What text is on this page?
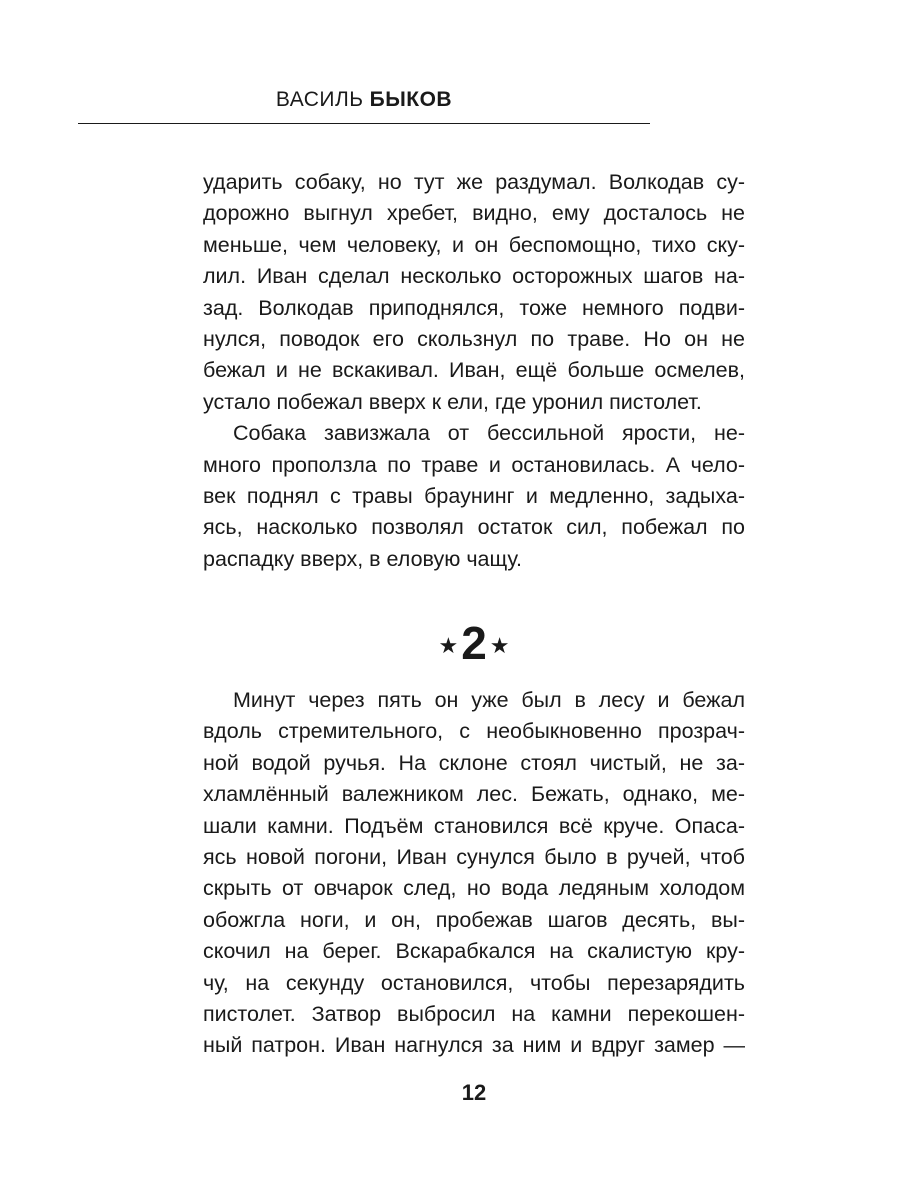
ВАСИЛЬ БЫКОВ
ударить собаку, но тут же раздумал. Волкодав су-
дорожно выгнул хребет, видно, ему досталось не
меньше, чем человеку, и он беспомощно, тихо ску-
лил. Иван сделал несколько осторожных шагов на-
зад. Волкодав приподнялся, тоже немного подви-
нулся, поводок его скользнул по траве. Но он не
бежал и не вскакивал. Иван, ещё больше осмелев,
устало побежал вверх к ели, где уронил пистолет.
Собака завизжала от бессильной ярости, не-
много проползла по траве и остановилась. А чело-
век поднял с травы браунинг и медленно, задыха-
ясь, насколько позволял остаток сил, побежал по
распадку вверх, в еловую чащу.
★2 ★
Минут через пять он уже был в лесу и бежал
вдоль стремительного, с необыкновенно прозрач-
ной водой ручья. На склоне стоял чистый, не за-
хламлённый валежником лес. Бежать, однако, ме-
шали камни. Подъём становился всё круче. Опаса-
ясь новой погони, Иван сунулся было в ручей, чтоб
скрыть от овчарок след, но вода ледяным холодом
обожгла ноги, и он, пробежав шагов десять, вы-
скочил на берег. Вскарабкался на скалистую кру-
чу, на секунду остановился, чтобы перезарядить
пистолет. Затвор выбросил на камни перекошен-
ный патрон. Иван нагнулся за ним и вдруг замер —
12
